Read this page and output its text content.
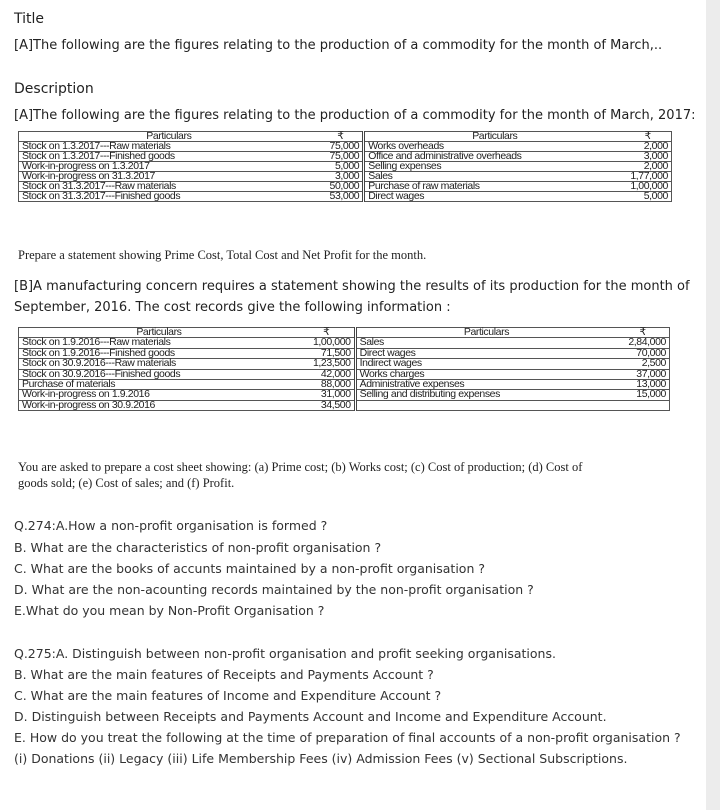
Title
[A]The following are the figures relating to the production of a commodity for the month of March,..
Description
[A]The following are the figures relating to the production of a commodity for the month of March, 2017:
Particulars	₹	Particulars	₹
Stock on 1.3.2017---Raw materials	75,000	Works overheads	2,000
Stock on 1.3.2017---Finished goods	75,000	Office and administrative overheads	3,000
Work-in-progress on 1.3.2017	5,000	Selling expenses	2,000
Work-in-progress on 31.3.2017	3,000	Sales	1,77,000
Stock on 31.3.2017---Raw materials	50,000	Purchase of raw materials	1,00,000
Stock on 31.3.2017---Finished goods	53,000	Direct wages	5,000
Prepare a statement showing Prime Cost, Total Cost and Net Profit for the month.
[B]A manufacturing concern requires a statement showing the results of its production for the month of
September, 2016. The cost records give the following information :
Particulars	₹	Particulars	₹
Stock on 1.9.2016---Raw materials	1,00,000	Sales	2,84,000
Stock on 1.9.2016---Finished goods	71,500	Direct wages	70,000
Stock on 30.9.2016---Raw materials	1,23,500	Indirect wages	2,500
Stock on 30.9.2016---Finished goods	42,000	Works charges	37,000
Purchase of materials	88,000	Administrative expenses	13,000
Work-in-progress on 1.9.2016	31,000	Selling and distributing expenses	15,000
Work-in-progress on 30.9.2016	34,500		
You are asked to prepare a cost sheet showing: (a) Prime cost; (b) Works cost; (c) Cost of production; (d) Cost of
goods sold; (e) Cost of sales; and (f) Profit.
Q.274:A.How a non-profit organisation is formed ?
B. What are the characteristics of non-profit organisation ?
C. What are the books of accunts maintained by a non-profit organisation ?
D. What are the non-acounting records maintained by the non-profit organisation ?
E.What do you mean by Non-Profit Organisation ?
Q.275:A. Distinguish between non-profit organisation and profit seeking organisations.
B. What are the main features of Receipts and Payments Account ?
C. What are the main features of Income and Expenditure Account ?
D. Distinguish between Receipts and Payments Account and Income and Expenditure Account.
E. How do you treat the following at the time of preparation of final accounts of a non-profit organisation ?
(i) Donations (ii) Legacy (iii) Life Membership Fees (iv) Admission Fees (v) Sectional Subscriptions.
